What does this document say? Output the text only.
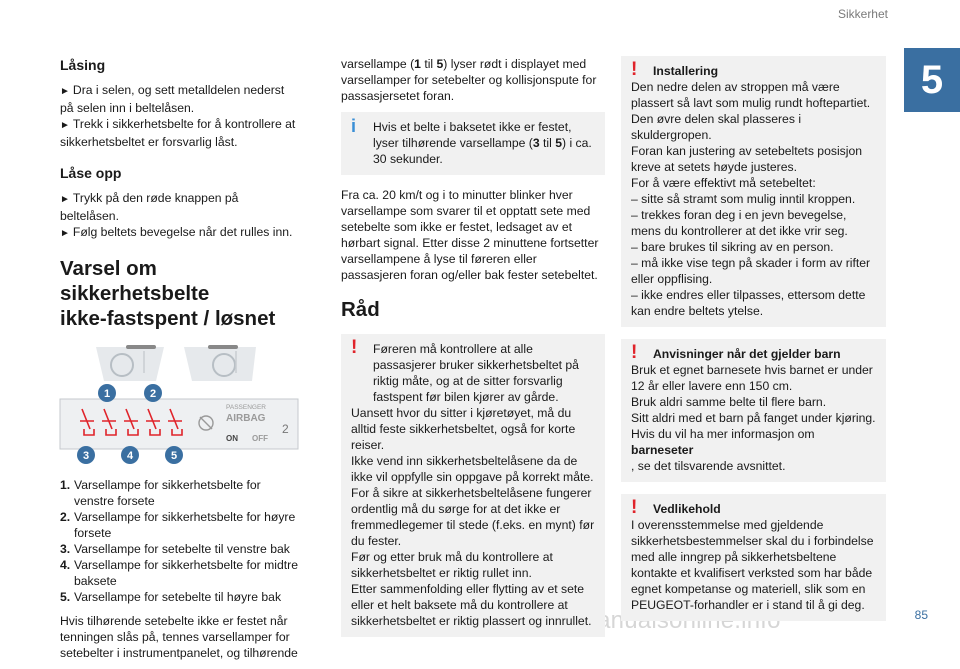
Sikkerhet
5
85
Låsing
► Dra i selen, og sett metalldelen nederst på selen inn i beltelåsen.
► Trekk i sikkerhetsbelte for å kontrollere at sikkerhetsbeltet er forsvarlig låst.
Låse opp
► Trykk på den røde knappen på beltelåsen.
► Følg beltets bevegelse når det rulles inn.
Varsel om sikkerhetsbelte
ikke-fastspent / løsnet
PASSENGER
AIRBAG
ON OFF
2
1	2
3	4	5
1. Varsellampe for sikkerhetsbelte for venstre forsete
2. Varsellampe for sikkerhetsbelte for høyre forsete
3. Varsellampe for setebelte til venstre bak
4. Varsellampe for sikkerhetsbelte for midtre baksete
5. Varsellampe for setebelte til høyre bak

Hvis tilhørende setebelte ikke er festet når tenningen slås på, tennes varsellamper for setebelter i instrumentpanelet, og tilhørende

varsellampe (1 til 5) lyser rødt i displayet med varsellamper for setebelter og kollisjonspute for passasjersetet foran.

i	Hvis et belte i baksetet ikke er festet, lyser tilhørende varsellampe (3 til 5) i ca. 30 sekunder.

Fra ca. 20 km/t og i to minutter blinker hver varsellampe som svarer til et opptatt sete med setebelte som ikke er festet, ledsaget av et hørbart signal. Etter disse 2 minuttene fortsetter varsellampene å lyse til føreren eller passasjeren foran og/eller bak fester setebeltet.

Råd
!	Føreren må kontrollere at alle passasjerer bruker sikkerhetsbeltet på riktig måte, og at de sitter forsvarlig fastspent før bilen kjører av gårde.
Uansett hvor du sitter i kjøretøyet, må du alltid feste sikkerhetsbeltet, også for korte reiser.
Ikke vend inn sikkerhetsbeltelåsene da de ikke vil oppfylle sin oppgave på korrekt måte.
For å sikre at sikkerhetsbeltelåsene fungerer ordentlig må du sørge for at det ikke er fremmedlegemer til stede (f.eks. en mynt) før du fester.
Før og etter bruk må du kontrollere at sikkerhetsbeltet er riktig rullet inn.
Etter sammenfolding eller flytting av et sete eller et helt baksete må du kontrollere at sikkerhetsbeltet er riktig plassert og innrullet.
!	Installering
Den nedre delen av stroppen må være plassert så lavt som mulig rundt hoftepartiet.
Den øvre delen skal plasseres i skuldergropen.
Foran kan justering av setebeltets posisjon kreve at setets høyde justeres.
For å være effektivt må setebeltet:
– sitte så stramt som mulig inntil kroppen.
– trekkes foran deg i en jevn bevegelse, mens du kontrollerer at det ikke vrir seg.
– bare brukes til sikring av en person.
– må ikke vise tegn på skader i form av rifter eller oppflising.
– ikke endres eller tilpasses, ettersom dette kan endre beltets ytelse.
!	Anvisninger når det gjelder barn
Bruk et egnet barnesete hvis barnet er under 12 år eller lavere enn 150 cm.
Bruk aldri samme belte til flere barn.
Sitt aldri med et barn på fanget under kjøring.
Hvis du vil ha mer informasjon om
barneseter
, se det tilsvarende avsnittet.
!	Vedlikehold
I overensstemmelse med gjeldende sikkerhetsbestemmelser skal du i forbindelse med alle inngrep på sikkerhetsbeltene kontakte et kvalifisert verksted som har både egnet kompetanse og materiell, slik som en PEUGEOT-forhandler er i stand til å gi deg.
